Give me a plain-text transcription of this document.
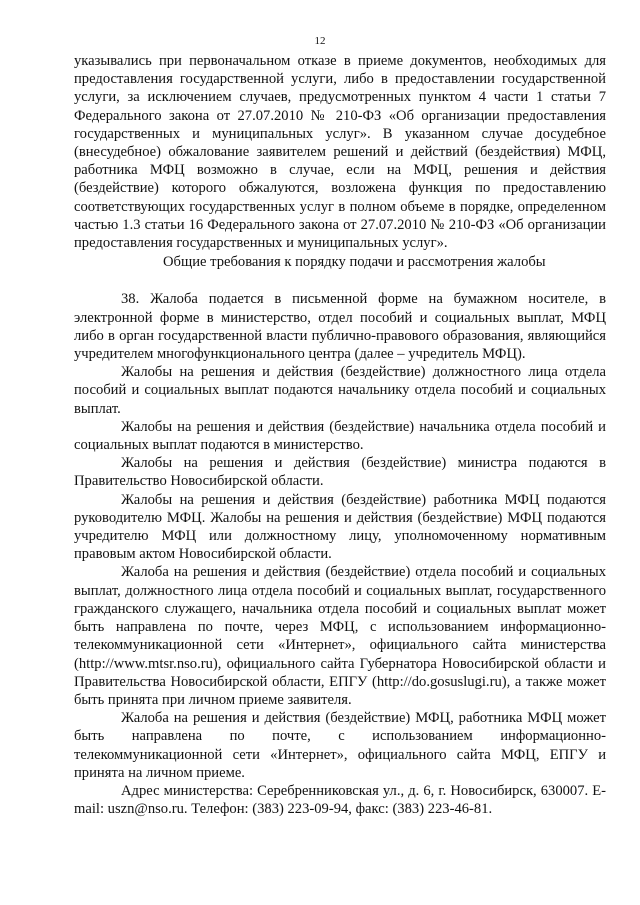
12

указывались при первоначальном отказе в приеме документов, необходимых для предоставления государственной услуги, либо в предоставлении государственной услуги, за исключением случаев, предусмотренных пунктом 4 части 1 статьи 7 Федерального закона от 27.07.2010 № 210-ФЗ «Об организации предоставления государственных и муниципальных услуг». В указанном случае досудебное (внесудебное) обжалование заявителем решений и действий (бездействия) МФЦ, работника МФЦ возможно в случае, если на МФЦ, решения и действия (бездействие) которого обжалуются, возложена функция по предоставлению соответствующих государственных услуг в полном объеме в порядке, определенном частью 1.3 статьи 16 Федерального закона от 27.07.2010 № 210-ФЗ «Об организации предоставления государственных и муниципальных услуг».

Общие требования к порядку подачи и рассмотрения жалобы

38. Жалоба подается в письменной форме на бумажном носителе, в электронной форме в министерство, отдел пособий и социальных выплат, МФЦ либо в орган государственной власти публично-правового образования, являющийся учредителем многофункционального центра (далее – учредитель МФЦ).

Жалобы на решения и действия (бездействие) должностного лица отдела пособий и социальных выплат подаются начальнику отдела пособий и социальных выплат.

Жалобы на решения и действия (бездействие) начальника отдела пособий и социальных выплат подаются в министерство.

Жалобы на решения и действия (бездействие) министра подаются в Правительство Новосибирской области.

Жалобы на решения и действия (бездействие) работника МФЦ подаются руководителю МФЦ. Жалобы на решения и действия (бездействие) МФЦ подаются учредителю МФЦ или должностному лицу, уполномоченному нормативным правовым актом Новосибирской области.

Жалоба на решения и действия (бездействие) отдела пособий и социальных выплат, должностного лица отдела пособий и социальных выплат, государственного гражданского служащего, начальника отдела пособий и социальных выплат может быть направлена по почте, через МФЦ, с использованием информационно-телекоммуникационной сети «Интернет», официального сайта министерства (http://www.mtsr.nso.ru), официального сайта Губернатора Новосибирской области и Правительства Новосибирской области, ЕПГУ (http://do.gosuslugi.ru), а также может быть принята при личном приеме заявителя.

Жалоба на решения и действия (бездействие) МФЦ, работника МФЦ может быть направлена по почте, с использованием информационно-телекоммуникационной сети «Интернет», официального сайта МФЦ, ЕПГУ и принята на личном приеме.

Адрес министерства: Серебренниковская ул., д. 6, г. Новосибирск, 630007. E-mail: uszn@nso.ru. Телефон: (383) 223-09-94, факс: (383) 223-46-81.
